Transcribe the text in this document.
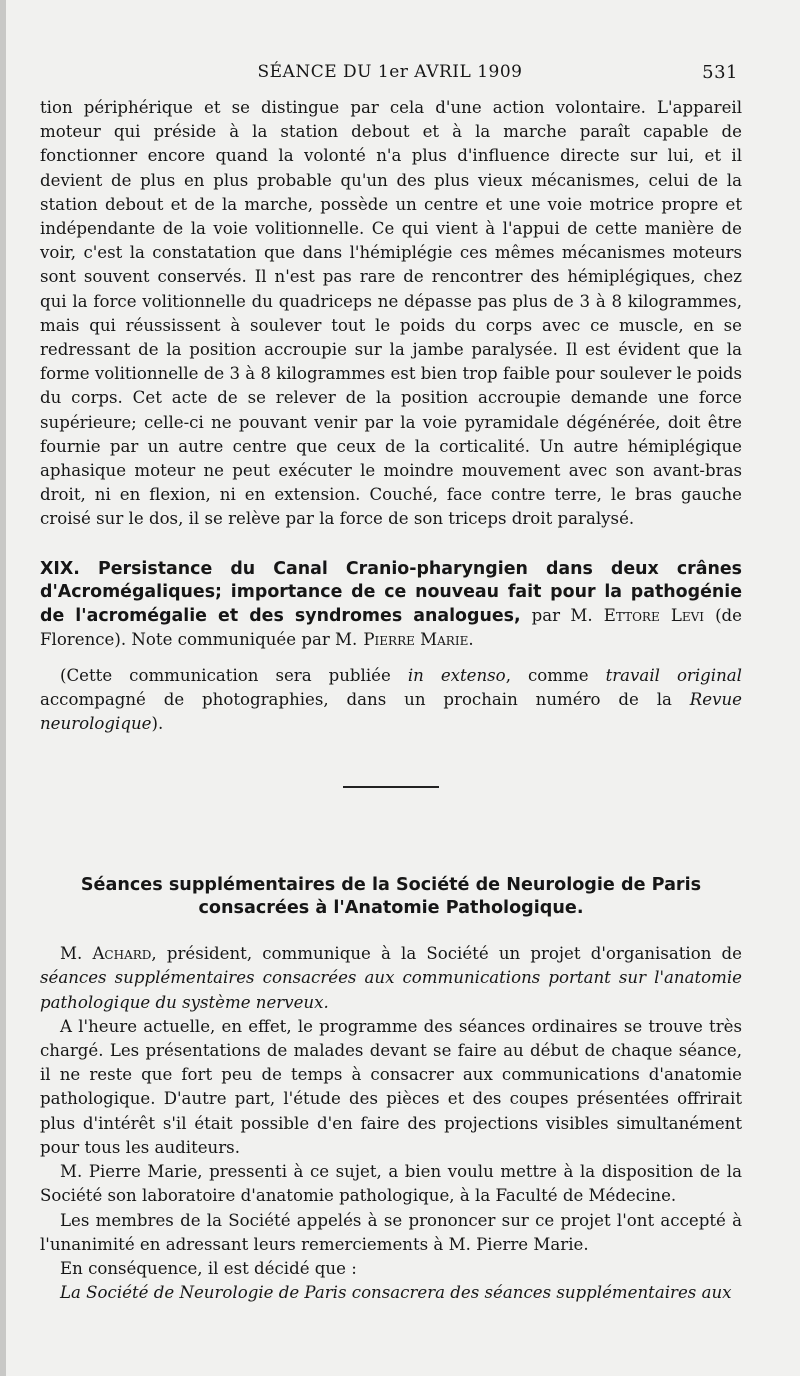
SÉANCE DU 1er AVRIL 1909	531

tion périphérique et se distingue par cela d'une action volontaire. L'appareil moteur qui préside à la station debout et à la marche paraît capable de fonctionner encore quand la volonté n'a plus d'influence directe sur lui, et il devient de plus en plus probable qu'un des plus vieux mécanismes, celui de la station debout et de la marche, possède un centre et une voie motrice propre et indépendante de la voie volitionnelle. Ce qui vient à l'appui de cette manière de voir, c'est la constatation que dans l'hémiplégie ces mêmes mécanismes moteurs sont souvent conservés. Il n'est pas rare de rencontrer des hémiplégiques, chez qui la force volitionnelle du quadriceps ne dépasse pas plus de 3 à 8 kilogrammes, mais qui réussissent à soulever tout le poids du corps avec ce muscle, en se redressant de la position accroupie sur la jambe paralysée. Il est évident que la forme volitionnelle de 3 à 8 kilogrammes est bien trop faible pour soulever le poids du corps. Cet acte de se relever de la position accroupie demande une force supérieure; celle-ci ne pouvant venir par la voie pyramidale dégénérée, doit être fournie par un autre centre que ceux de la corticalité. Un autre hémiplégique aphasique moteur ne peut exécuter le moindre mouvement avec son avant-bras droit, ni en flexion, ni en extension. Couché, face contre terre, le bras gauche croisé sur le dos, il se relève par la force de son triceps droit paralysé.

XIX. Persistance du Canal Cranio-pharyngien dans deux crânes d'Acromégaliques; importance de ce nouveau fait pour la pathogénie de l'acromégalie et des syndromes analogues, par M. Ettore Levi (de Florence). Note communiquée par M. Pierre Marie.

(Cette communication sera publiée in extenso, comme travail original accompagné de photographies, dans un prochain numéro de la Revue neurologique).

Séances supplémentaires de la Société de Neurologie de Paris
consacrées à l'Anatomie Pathologique.

M. Achard, président, communique à la Société un projet d'organisation de séances supplémentaires consacrées aux communications portant sur l'anatomie pathologique du système nerveux.

A l'heure actuelle, en effet, le programme des séances ordinaires se trouve très chargé. Les présentations de malades devant se faire au début de chaque séance, il ne reste que fort peu de temps à consacrer aux communications d'anatomie pathologique. D'autre part, l'étude des pièces et des coupes présentées offrirait plus d'intérêt s'il était possible d'en faire des projections visibles simultanément pour tous les auditeurs.

M. Pierre Marie, pressenti à ce sujet, a bien voulu mettre à la disposition de la Société son laboratoire d'anatomie pathologique, à la Faculté de Médecine.

Les membres de la Société appelés à se prononcer sur ce projet l'ont accepté à l'unanimité en adressant leurs remerciements à M. Pierre Marie.

En conséquence, il est décidé que :

La Société de Neurologie de Paris consacrera des séances supplémentaires aux
